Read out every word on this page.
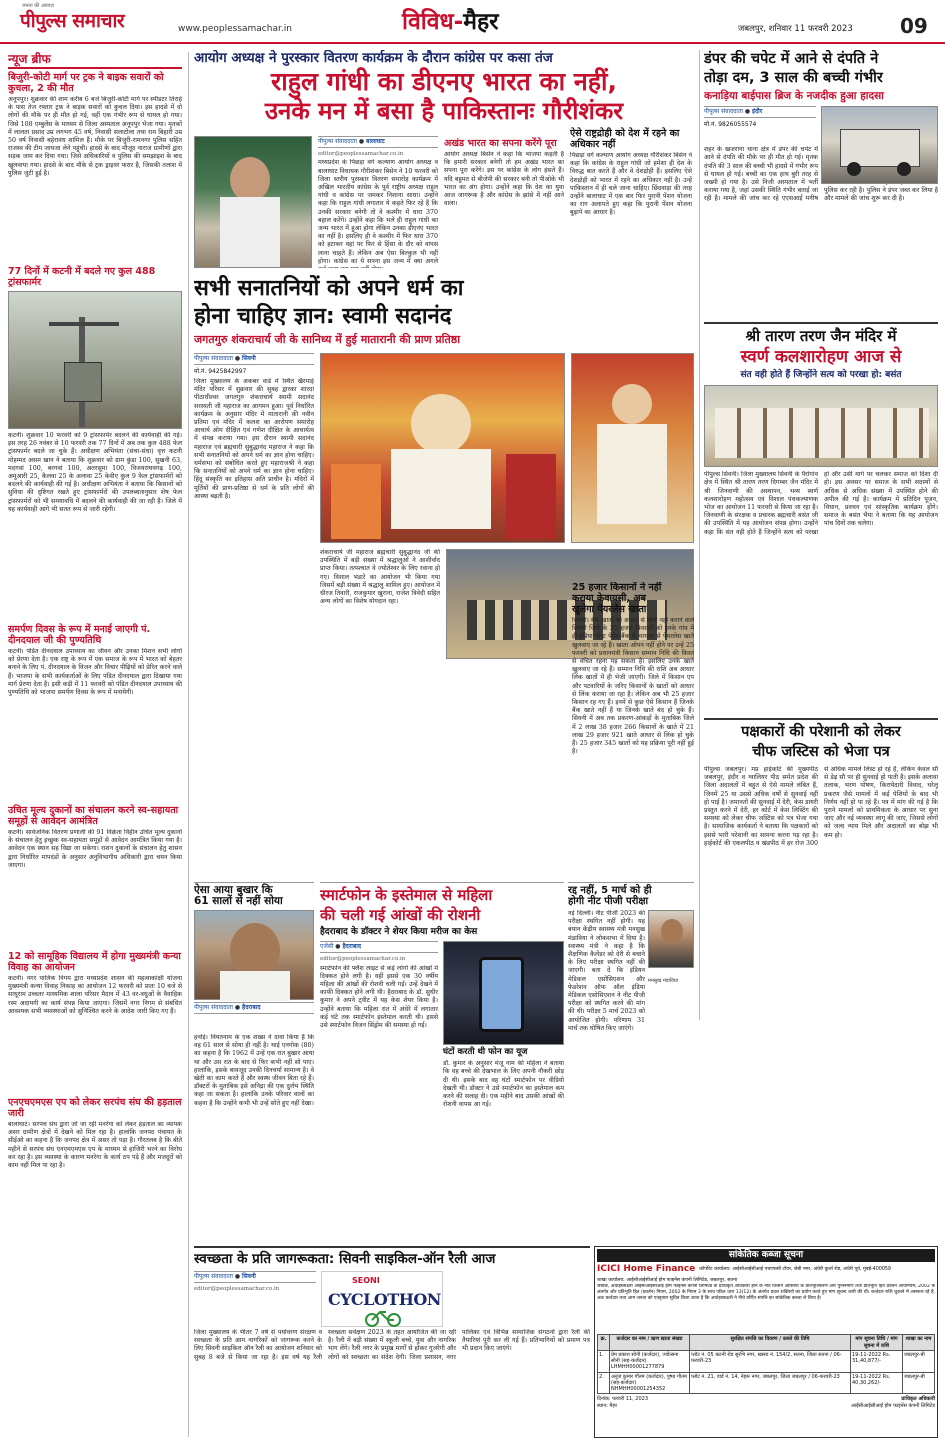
जन‌‌ता की आवाज़
पीपुल्स समाचार	www.peoplessamachar.in	विविध-मैहर	जबलपुर, शनिवार 11 फरवरी 2023 09
न्यूज ब्रीफ
बिजुरी-कोटी मार्ग पर ट्रक ने बाइक सवारों को कुचला, 2 की मौत
अनूपपुर। शुक्रवार की शाम करीब 6 बजे बिजुरी-कोटी मार्ग पर स्पीडटर तिराहे के पास तेज रफ्तार ट्रक ने बाइक सवारों को कुचल दिया। इस हादसे में दो लोगों की मौके पर ही मौत हो गई, वहीं एक गंभीर रूप से घायल हो गया। जिसे 108 एम्बुलेंस के माध्यम से जिला अस्पताल अनूपपुर भेजा गया। मृतकों में लालता प्रसाद उम्र लगभग 45 वर्ष, निवासी सलाटोला तथा राम बिहारी उम्र 50 वर्ष निवासी बहेरावंध शामिल हैं। मौके पर बिजुरी-रामनगर पुलिस सहित राजस्व की टीम जायजा लेने पहुंची। हादसे के बाद मौजूद नाराज ग्रामीणों द्वारा सड़क जाम कर दिया गया। जिसे अधिकारियों व पुलिस की समझाइश के बाद खुलवाया गया। हादसे के बाद मौके से ट्रक ड्राइवर फरार है, जिसकी तलाश में पुलिस जुटी हुई है।
77 दिनों में कटनी में बदले गए कुल 488 ट्रांसफार्मर
कटनी। शुक्रवार 10 फरवरी को 9 ट्रांसफार्मर बदलने की कार्यवाही की गई। इस तरह 26 नवंबर से 10 फरवरी तक 77 दिनों में अब तक कुल 488 फेल ट्रांसफार्मर बदले जा चुके हैं। अधीक्षण अभियंता (संचा-संधा) वृत्त कटनी मोहम्मद असम खान ने बताया कि शुक्रवार को ग्राम कुंडा 100, सुखनी 63, मदगवां 100, बरगवां 100, अतरसूमा 100, विजयराघवगढ़ 100, अमुआरी 25, कैलवा 25 के अलावा 25 केवीए कुल 9 फेल ट्रांसफार्मरों को बदलने की कार्यवाही की गई है। अधीक्षण अभियंता ने बताया कि किसानों को सुविधा की दृष्टिगत रखते हुए ट्रांसफार्मरों की उपलब्धतानुसार शेष फेल ट्रांसफार्मरों को भी समयावधि में बदलने की कार्यवाही की जा रही है। जिले में यह कार्यवाही आगे भी सतत रूप से जारी रहेगी।
समर्पण दिवस के रूप में मनाई जाएगी पं. दीनदयाल जी की पुण्यतिथि
कटनी। पंडित दीनदयाल उपाध्याय का जीवन और उनका मिशन सभी लोगों को प्रेरणा देता है। एक राष्ट्र के रूप में एक समाज के रूप में भारत को बेहतर बनाने के लिए पं. दीनदयाल के विजन और विचार पीढ़ियों को प्रेरित करने वाले हैं। भाजपा के सभी कार्यकर्ताओं के लिए पंडित दीनदयाल द्वारा दिखाया गया मार्ग प्रेरणा देता है। इसी कड़ी में 11 फरवरी को पंडित दीनदयाल उपाध्याय की पुण्यतिथि को भाजपा समर्पण दिवस के रूप में मनायेगी।
उचित मूल्य दुकानों का संचालन करने स्व-सहायता समूहों से आवेदन आमंत्रित
कटनी। सार्वजनिक वितरण प्रणाली की 91 विक्रेता विहीन उचित मूल्य दुकानों के संचालन हेतु इच्छुक स्व-सहायता समूहों से आवेदन आमंत्रित किया गया है। आवेदन एक स्थान सह विद्या जा सकेगा। राशन दुकानों के संचालन हेतु शासन द्वारा निर्धारित मापदंडों के अनुसार अनुविभागीय अधिकारी द्वारा चयन किया जाएगा।
12 को सामूहिक विद्यालय में होगा मुख्यमंत्री कन्या विवाह का आयोजन
कटनी। नगर पालिक निगम द्वारा मध्यप्रदेश शासन की महत्वाकांक्षी योजना मुख्यमंत्री कन्या विवाह निकाह का आयोजन 12 फरवरी को प्रातः 10 बजे से साधूराम उच्चतर माध्यमिक शाला परिसर मैदान में 43 वर-वधुओं के वैवाहिक रस्म अदायगी का कार्य संपन्न किया जाएगा। जिसमें नगर निगम से संबंधित आवश्यक सभी व्यवस्थाओं को सुनिश्चित करने के आदेश जारी किए गए हैं।
एनएचएमएस एप को लेकर सरपंच संघ की हड़ताल जारी
बालाघाट। सरपंच संघ द्वारा जो जा रही मनरेगा को लेकर हड़ताल का व्यापक असर ग्रामीण क्षेत्रों में देखने को मिल रहा है। हालांकि जनपद पंचायत के सीईओ का कहना है कि जनपद क्षेत्र में असर तो पड़ा है। गौरतलब है कि बीते महीने से सरपंच संघ एनएमएमएस एप के माध्यम से हाजिरी भरने का विरोध कर रहा है। इस व्यवस्था के कारण मनरेगा के कार्य ठप पड़े हैं और मजदूरों को काम नहीं मिल पा रहा है।
आयोग अध्यक्ष ने पुरस्कार वितरण कार्यक्रम के दौरान कांग्रेस पर कसा तंज
राहुल गांधी का डीएनए भारत का नहीं,
उनके मन में बसा है पाकिस्तानः गौरीशंकर
पीपुल्स संवाददाता ● बालाघाट
editor@peoplessamachar.co.in
मध्यप्रदेश के पिछड़ा वर्ग कल्याण आयोग अध्यक्ष व बालाघाट विधायक गौरीशंकर बिसेन ने 10 फरवरी को जिला स्तरीय पुरस्कार वितरण समारोह कार्यक्रम में अखिल भारतीय कांग्रेस के पूर्व राष्ट्रीय अध्यक्ष राहुल गांधी व कांग्रेस पर जमकर निशाना साधा। उन्होंने कहा कि राहुल गांधी लगातार ये कहते फिर रहे हैं कि उनकी सरकार बनेगी तो वे कश्मीर में धारा 370 बहाल करेंगे। उन्होंने कहा कि भले ही राहुल गांधी का जन्म भारत में हुआ होगा लेकिन उनका डीएनए भारत का नहीं है। इसलिए ही वे कश्मीर में फिर धारा 370 को हटाकर वहां पर फिर से हिंसा के दौर को वापस लाना चाहते हैं। लेकिन अब ऐसा बिल्कुल भी नहीं होगा। कांग्रेस का ये सपना इस जन्म में क्या अगले
अखंड भारत का सपना करेंगे पूरा
आयोग अध्यक्ष बिसेन ने कहा कि भाजपा कहती है कि हमारी सरकार बनेगी तो हम अखंड भारत का सपना पूरा करेंगे। इस पर कांग्रेस के लोग हंसते हैं। यदि बहुमत से बीजेपी की सरकार बनी तो पीओके भी भारत का अंग होगा। उन्होंने कहा कि देश का युवा आज जागरूक है और कांग्रेस के झांसे में नहीं आने वाला।
ऐसे राष्ट्रद्रोही को देश में रहने का अधिकार नहीं
पिछड़ा वर्ग कल्याण आयोग अध्यक्ष गौरीशंकर बिसेन ने कहा कि कांग्रेस के राहुल गांधी जो हमेशा ही देश के विरुद्ध बात करते हैं और वे देशद्रोही हैं। इसलिए ऐसे देशद्रोही को भारत में रहने का अधिकार नहीं है। उन्हें पाकिस्तान में ही चले जाना चाहिए। छिंदवाड़ा की तरह उन्होंने बालाघाट में एक बार फिर पुरानी पेंशन योजना का राग अलापते हुए कहा कि पुरानी पेंशन योजना बुढ़ापे का आधार है।
डंपर की चपेट में आने से दंपति ने
तोड़ा दम, 3 साल की बच्ची गंभीर
कनाड़िया बाईपास ब्रिज के नजदीक हुआ हादसा
पीपुल्स संवाददाता ● इंदौर
मो.नं. 9826055574
शहर के खजराना थाना क्षेत्र में डंपर की चपेट में आने से दंपति की मौके पर ही मौत हो गई। मृतक दंपति की 3 साल की बच्ची भी हादसे में गंभीर रूप से घायल हो गई। बच्ची का एक हाथ बुरी तरह से जख्मी हो गया है। उसे निजी अस्पताल में भर्ती कराया गया है, जहां उसकी स्थिति गंभीर बताई जा रही है। मामले की जांच कर रहे एएसआई मनीष पुलिस कर रही है। पुलिस ने डंपर जब्त कर लिया है और मामले की जांच शुरू कर दी है।
सभी सनातनियों को अपने धर्म का
होना चाहिए ज्ञान: स्वामी सदानंद
जगतगुरु शंकराचार्य जी के सानिध्य में हुई मातारानी की प्राण प्रतिष्ठा
पीपुल्स संवाददाता ● सिवनी
मो.नं. 9425842997
जिला मुख्यालय के अकबर वार्ड में स्थित खैरमाई मंदिर परिसर में शुक्रवार की सुबह द्वारका शारदा पीठाधीश्वर जगतगुरु शंकराचार्य स्वामी सदानंद सरस्वती जी महाराज का आगमन हुआ। पूर्व निर्धारित कार्यक्रम के अनुसार मंदिर में मातारानी की नवीन प्रतिमा एवं मंदिर में कलश का आरोपण समारोह आचार्य ओम दीक्षित एवं गणेश दीक्षित के आचार्यत्व में संपन्न कराया गया। इस दौरान स्वामी सदानंद महाराज एवं ब्रह्मचारी सुबुद्धानंद महाराज ने कहा कि सभी सनातनियों को अपने धर्म का ज्ञान होना चाहिए। धर्मसभा को संबोधित करते हुए महाराजश्री ने कहा कि सनातनियों को अपने धर्म का ज्ञान होना चाहिए। हिंदू संस्कृति का इतिहास अति प्राचीन है। मंदिरों में मूर्तियों की प्राण-प्रतिष्ठा से धर्म के प्रति लोगों की आस्था बढ़ती है।
शंकराचार्य जी महाराज ब्रह्मचारी सुबुद्धानंद जी की उपस्थिति में बड़ी संख्या में श्रद्धालुओं ने आशीर्वाद प्राप्त किया। तत्पश्चात वे ज्योतेश्वर के लिए रवाना हो गए। विशाल भंडारे का आयोजन भी किया गया जिसमें बड़ी संख्या में श्रद्धालु शामिल हुए। आयोजन में धीरज तिवारी, राजकुमार खुराना, राजेश त्रिवेदी सहित अन्य लोगों का विशेष योगदान रहा।
25 हजार किसानों ने नहीं
कराया केवायसी, अब
खुलेगा पेयरलेस खाता
सिवनी। बैंक खातों को आधार से लिंक नहीं कराने वाले सिवनी जिले के 25 हजार किसानों को इनके गांव में ही इंडिया पोस्ट पेमेंट बैंक के माध्यम से पेयरलेस खाते खुलवाए जा रहे हैं। खाता ओपन नहीं होने पर उन्हें 25 फरवरी को प्रधानमंत्री किसान सम्मान निधि की किस्त से वंचित रहना पड़ सकता है। इसलिए उनके खाते खुलवाए जा रहे हैं। सम्मान निधि की राशि अब आधार लिंक खातों में ही भेजी जाएगी। जिले में किसान एप और पटवारियों के जरिए किसानों के खातों को आधार से लिंक कराया जा रहा है। लेकिन अब भी 25 हजार किसान रह गए हैं। इनमें से कुछ ऐसे किसान हैं जिनके बैंक खाते नहीं हैं या जिनके खाते बंद हो चुके हैं। सिवनी में अब तक प्रकरण-आंकड़ों के मुताबिक जिले में 2 लाख 38 हजार 266 किसानों के खाते में 21 लाख 29 हजार 921 खाते आधार से लिंक हो चुके हैं। 25 हजार 345 खातों को यह प्रक्रिया पूरी नहीं हुई है।
श्री तारण तरण जैन मंदिर में
स्वर्ण कलशारोहण आज से
संत वही होते हैं जिन्होंने सत्य को परखा हो: बसंत
पीपुल्स सिवनी। जिला मुख्यालय सिवनी के पैरोगांव क्षेत्र में स्थित श्री तारण तरण दिगम्बर जैन मंदिर में श्री जिनवाणी की अस्थापन, भव्य स्वर्ण कलशारोहण महोत्सव एवं विशाल पंचकल्याणक भोज का आयोजन 11 फरवरी से किया जा रहा है। जिनवाणी के संरक्षक व प्रचारक ब्रह्मचारी बसंत जी की उपस्थिति में यह आयोजन संपन्न होगा। उन्होंने कहा कि संत वही होते हैं जिन्होंने सत्य को परखा हो और उसी मार्ग पर चलकर समाज को दिशा दी हो। इस अवसर पर समाज के सभी सदस्यों से अधिक से अधिक संख्या में उपस्थित होने की अपील की गई है। कार्यक्रम में प्रतिदिन पूजन, विधान, प्रवचन एवं सांस्कृतिक कार्यक्रम होंगे। समाज के बसंत भैया ने बताया कि यह आयोजन पांच दिनों तक चलेगा।
पक्षकारों की परेशानी को लेकर
चीफ जस्टिस को भेजा पत्र
पीपुल्स जबलपुर। मप्र हाईकोर्ट की मुख्यपीठ जबलपुर, इंदौर व ग्वालियर पीठ समेत प्रदेश की जिला अदालतों में बहुत से ऐसे मामले लंबित हैं, जिनमें 25 या उससे अधिक वर्षों से सुनवाई नहीं हो पाई है। जमानतों की सुनवाई में देरी, केस डायरी प्रस्तुत करने में देरी, हर कोर्ट में केस लिस्टिंग की समस्या को लेकर चीफ जस्टिस को पत्र भेजा गया है। सामाजिक कार्यकर्ता ने बताया कि पक्षकारों को इससे भारी परेशानी का सामना करना पड़ रहा है। हाईकोर्ट की एकलपीठ व खंडपीठ में हर रोज 300 से अधिक मामले लिस्ट हो रहे हैं, लेकिन केवल सौ से डेढ़ सौ पर ही सुनवाई हो पाती है। इसके अलावा तलाक, भरण पोषण, किरायेदारी विवाद, घरेलू प्रकरण जैसे मामलों में कई पेशियों के बाद भी निर्णय नहीं हो पा रहे हैं। पत्र में मांग की गई है कि पुराने मामलों को प्राथमिकता के आधार पर सुना जाए और नई व्यवस्था लागू की जाए, जिससे लोगों को जल्द न्याय मिले और अदालतों का बोझ भी कम हो।
ऐसा आया बुखार कि
61 सालों से नहीं सोया
पीपुल्स संवाददाता ● हैदराबाद
हनोई। वियतनाम के एक शख्स ने दावा किया है कि वह 61 साल से सोया ही नहीं है। थाई एनगोक (80) का कहना है कि 1962 में उन्हें एक रात बुखार आया था और उस रात के बाद से फिर कभी नहीं सो पाए। हालांकि, इसके बावजूद उनकी दिनचर्या सामान्य है। वे खेती का काम करते हैं और स्वस्थ जीवन बिता रहे हैं। डॉक्टरों के मुताबिक इसे अनिद्रा की एक दुर्लभ स्थिति कहा जा सकता है। हालांकि उनके परिवार वालों का कहना है कि उन्होंने कभी भी उन्हें सोते हुए नहीं देखा।
स्मार्टफोन के इस्तेमाल से महिला
की चली गई आंखों की रोशनी
हैदराबाद के डॉक्टर ने शेयर किया मरीज का केस
एजेंसी ● हैदराबाद
editor@peoplessamachar.co.in
स्मार्टफोन की फ्लैश लाइट से कई लोगों की आंखों में दिक्कत होने लगी है। वहीं इससे एक 30 वर्षीय महिला की आंखों की रोशनी चली गई। उन्हें देखने में काफी दिक्कत होने लगी थी। हैदराबाद के डॉ. सुधीर कुमार ने अपने ट्वीट में यह केस शेयर किया है। उन्होंने बताया कि महिला रात में अंधेरे में लगातार कई घंटे तक स्मार्टफोन इस्तेमाल करती थी। इससे उसे स्मार्टफोन विजन सिंड्रोम की समस्या हो गई।
घंटों करती थी फोन का यूज
डॉ. कुमार के अनुसार मंजू नाम की महिला ने बताया कि वह बच्चे की देखभाल के लिए अपनी नौकरी छोड़ दी थी। इसके बाद वह घंटों स्मार्टफोन पर वीडियो देखती थी। डॉक्टर ने उसे स्मार्टफोन का इस्तेमाल कम करने की सलाह दी। एक महीने बाद उसकी आंखों की रोशनी वापस आ गई।
रद्द नहीं, 5 मार्च को ही
होगी नीट पीजी परीक्षा
नई दिल्ली। नीट पीजी 2023 की परीक्षा स्थगित नहीं होगी। यह बयान केंद्रीय स्वास्थ्य मंत्री मनसुख मंडाविया ने लोकसभा में दिया है। स्वास्थ्य मंत्री ने कहा है कि शैक्षणिक कैलेंडर को देरी से बचाने के लिए परीक्षा स्थगित नहीं की जाएगी। बता दें कि इंडियन मेडिकल एसोसिएशन और फेडरेशन ऑफ ऑल इंडिया मेडिकल एसोसिएशन ने नीट पीजी परीक्षा को स्थगित करने की मांग की थी। परीक्षा 5 मार्च 2023 को आयोजित होगी। परिणाम 31 मार्च तक घोषित किए जाएंगे।
मनसुख मंडाविया
स्वच्छता के प्रति जागरूकता: सिवनी साइकिल-ऑन रैली आज
पीपुल्स संवाददाता ● सिवनी
editor@peoplessamachar.co.in
SEONI
CYCLOTHON
जिला मुख्यालय के भीतर 7 वर्ष से पर्यावरण संरक्षण व स्वच्छता के प्रति आम नागरिकों को जागरूक करने के लिए सिवनी साइकिल ऑन रैली का आयोजन शनिवार को सुबह 8 बजे से किया जा रहा है। इस वर्ष यह रैली स्वच्छता सर्वेक्षण 2023 के तहत आयोजित की जा रही है। रैली में बड़ी संख्या में स्कूली बच्चे, युवा और नागरिक भाग लेंगे। रैली नगर के प्रमुख मार्गों से होकर गुजरेगी और लोगों को स्वच्छता का संदेश देगी। जिला प्रशासन, नगर पालिका एवं विभिन्न सामाजिक संगठनों द्वारा रैली की तैयारियां पूरी कर ली गई हैं। प्रतिभागियों को प्रमाण पत्र भी प्रदान किए जाएंगे।
सांकेतिक कब्जा सूचना
ICICI Home Finance कॉर्पोरेट कार्यालय: आईसीआईसीआई एचएफसी टॉवर, जेबी नगर, अंधेरी कुर्ला रोड, अंधेरी पूर्व, मुंबई-400059
शाखा कार्यालय: आईसीआईसीआई होम फाइनेंस कंपनी लिमिटेड, जबलपुर, सतना
जबकि, अधोहस्ताक्षरी आईसीआईसीआई होम फाइनेंस कंपनी लिमिटेड के प्राधिकृत अधिकारी होने के नाते वित्तीय आस्तियों के प्रतिभूतिकरण और पुनर्निर्माण तथा प्रतिभूति हित प्रवर्तन अधिनियम, 2002 के अंतर्गत और प्रतिभूति हित (प्रवर्तन) नियम, 2002 के नियम 3 के साथ पठित धारा 13(12) के अंतर्गत प्रदत्त शक्तियों का प्रयोग करते हुए मांग सूचना जारी की थी। कर्जदार राशि चुकाने में असफल रहे हैं, अतः कर्जदार तथा आम जनता को एतद्द्वारा सूचित किया जाता है कि अधोहस्ताक्षरी ने नीचे वर्णित संपत्ति का सांकेतिक कब्जा ले लिया है।
क्र.	कर्जदार का नाम / ऋण खाता संख्या	सुरक्षित संपत्ति का विवरण / कब्जे की तिथि	मांग सूचना तिथि / मांग सूचना में राशि	शाखा का नाम
1.	प्रेम प्रकाश सोनी (कर्जदार), ज्योत्सना सोनी (सह-कर्जदार) LHMHH00001277879	प्लॉट नं. 05 कटनी रोड सुरभि नगर, खसरा नं. 154/2, सतना, जिला सतना / 06-फरवरी-23	19-11-2022 Rs. 31,40,877/-	जबलपुर-बी
2.	अनुज कुमार गौतम (कर्जदार), पुष्पा गौतम (सह-कर्जदार) NHMHH00001254352	प्लॉट नं. 21, वार्ड नं. 14, नेहरू नगर, जबलपुर, जिला जबलपुर / 06-फरवरी-23	19-11-2022 Rs. 40,30,262/-	जबलपुर-बी
दिनांक: फरवरी 11, 2023
स्थान: मैहर
प्राधिकृत अधिकारी
आईसीआईसीआई होम फाइनेंस कंपनी लिमिटेड
